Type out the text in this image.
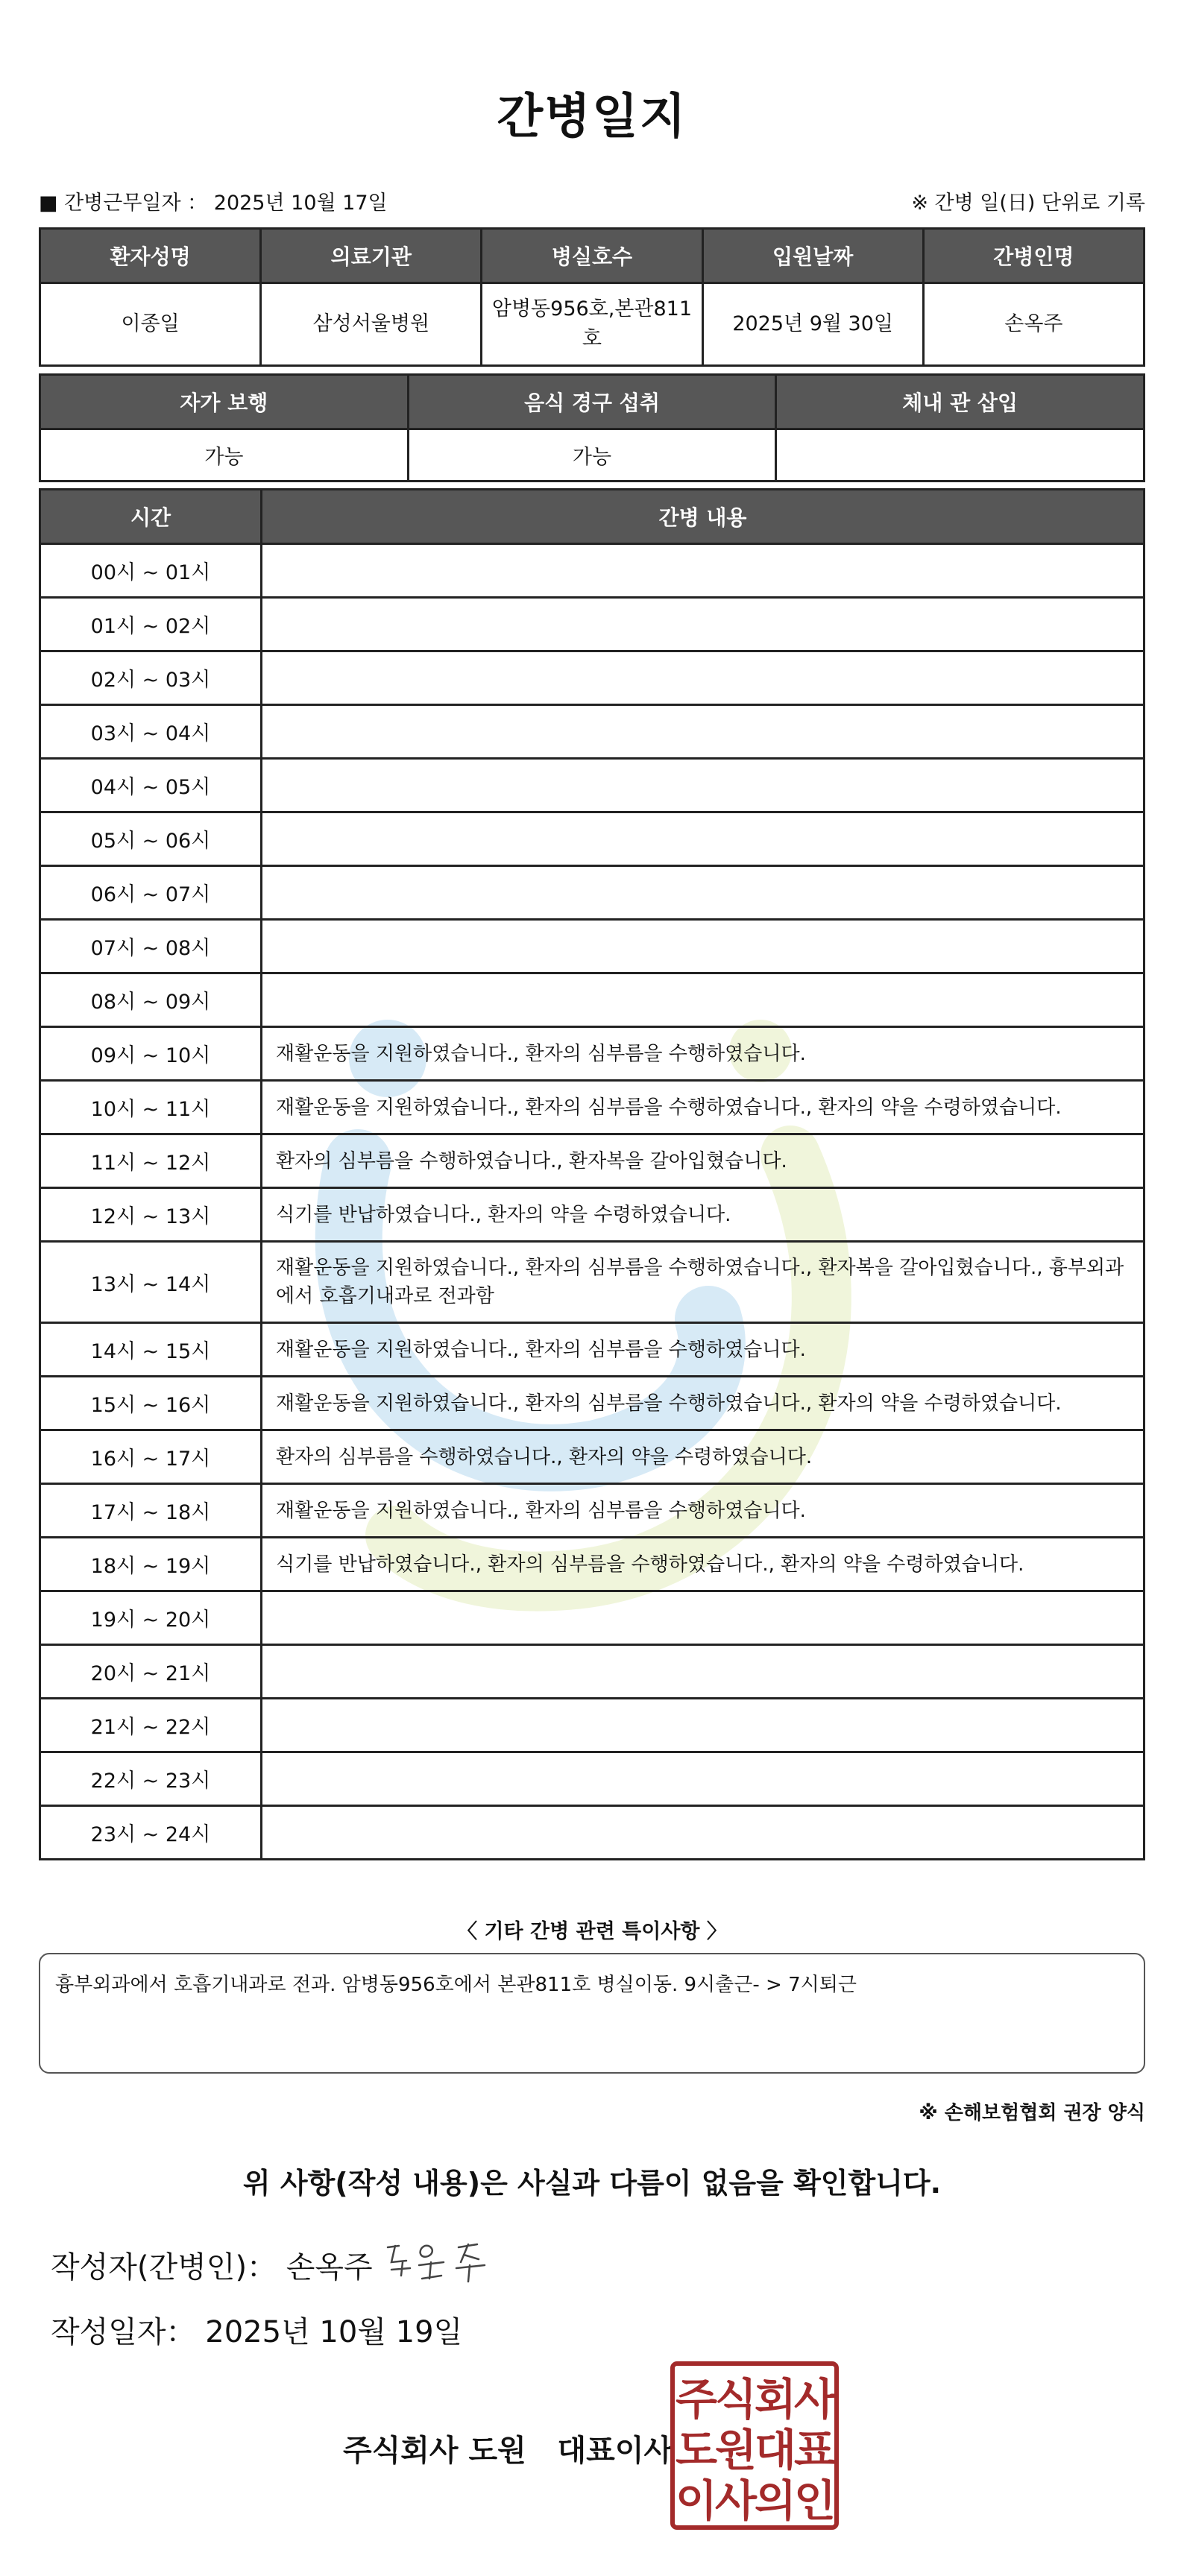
간병일지
■ 간병근무일자 ： 2025년 10월 17일	※ 간병 일(日) 단위로 기록
환자성명	의료기관	병실호수	입원날짜	간병인명
이종일	삼성서울병원	암병동956호,본관811호	2025년 9월 30일	손옥주
자가 보행	음식 경구 섭취	체내 관 삽입
가능	가능	
시간	간병 내용
00시 ~ 01시	
01시 ~ 02시	
02시 ~ 03시	
03시 ~ 04시	
04시 ~ 05시	
05시 ~ 06시	
06시 ~ 07시	
07시 ~ 08시	
08시 ~ 09시	
09시 ~ 10시	재활운동을 지원하였습니다., 환자의 심부름을 수행하였습니다.
10시 ~ 11시	재활운동을 지원하였습니다., 환자의 심부름을 수행하였습니다., 환자의 약을 수령하였습니다.
11시 ~ 12시	환자의 심부름을 수행하였습니다., 환자복을 갈아입혔습니다.
12시 ~ 13시	식기를 반납하였습니다., 환자의 약을 수령하였습니다.
13시 ~ 14시	재활운동을 지원하였습니다., 환자의 심부름을 수행하였습니다., 환자복을 갈아입혔습니다., 흉부외과에서 호흡기내과로 전과함
14시 ~ 15시	재활운동을 지원하였습니다., 환자의 심부름을 수행하였습니다.
15시 ~ 16시	재활운동을 지원하였습니다., 환자의 심부름을 수행하였습니다., 환자의 약을 수령하였습니다.
16시 ~ 17시	환자의 심부름을 수행하였습니다., 환자의 약을 수령하였습니다.
17시 ~ 18시	재활운동을 지원하였습니다., 환자의 심부름을 수행하였습니다.
18시 ~ 19시	식기를 반납하였습니다., 환자의 심부름을 수행하였습니다., 환자의 약을 수령하였습니다.
19시 ~ 20시	
20시 ~ 21시	
21시 ~ 22시	
22시 ~ 23시	
23시 ~ 24시	
〈 기타 간병 관련 특이사항 〉
흉부외과에서 호흡기내과로 전과. 암병동956호에서 본관811호 병실이동. 9시출근- > 7시퇴근
※ 손해보험협회 권장 양식
위 사항(작성 내용)은 사실과 다름이 없음을 확인합니다.
작성자(간병인)： 손옥주
작성일자： 2025년 10월 19일
주식회사 도원   대표이사
주식회사
도원대표
이사의인
